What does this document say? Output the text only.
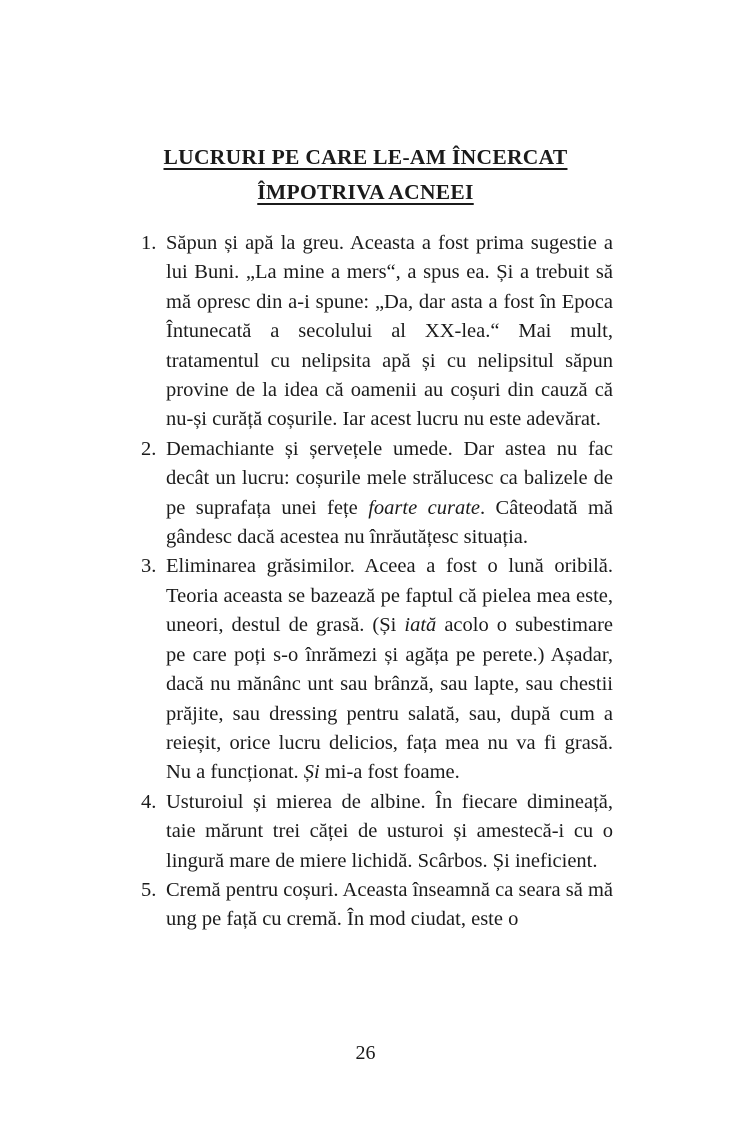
LUCRURI PE CARE LE-AM ÎNCERCAT
ÎMPOTRIVA ACNEEI
1. Săpun și apă la greu. Aceasta a fost prima sugestie a lui Buni. „La mine a mers“, a spus ea. Și a trebuit să mă opresc din a-i spune: „Da, dar asta a fost în Epoca Întunecată a secolului al XX-lea.“ Mai mult, tratamentul cu nelipsita apă și cu nelipsitul săpun provine de la idea că oamenii au coșuri din cauză că nu-și curăță coșurile. Iar acest lucru nu este adevărat.
2. Demachiante și șervețele umede. Dar astea nu fac decât un lucru: coșurile mele strălucesc ca balizele de pe suprafața unei fețe foarte curate. Câteodată mă gândesc dacă acestea nu înrăutățesc situația.
3. Eliminarea grăsimilor. Aceea a fost o lună oribilă. Teoria aceasta se bazează pe faptul că pielea mea este, uneori, destul de grasă. (Și iată acolo o subestimare pe care poți s-o înrămezi și agăța pe perete.) Așadar, dacă nu mănânc unt sau brânză, sau lapte, sau chestii prăjite, sau dressing pentru salată, sau, după cum a reieșit, orice lucru delicios, fața mea nu va fi grasă. Nu a funcționat. Și mi-a fost foame.
4. Usturoiul și mierea de albine. În fiecare dimineață, taie mărunt trei căței de usturoi și amestecă-i cu o lingură mare de miere lichidă. Scârbos. Și ineficient.
5. Cremă pentru coșuri. Aceasta înseamnă ca seara să mă ung pe față cu cremă. În mod ciudat, este o
26
